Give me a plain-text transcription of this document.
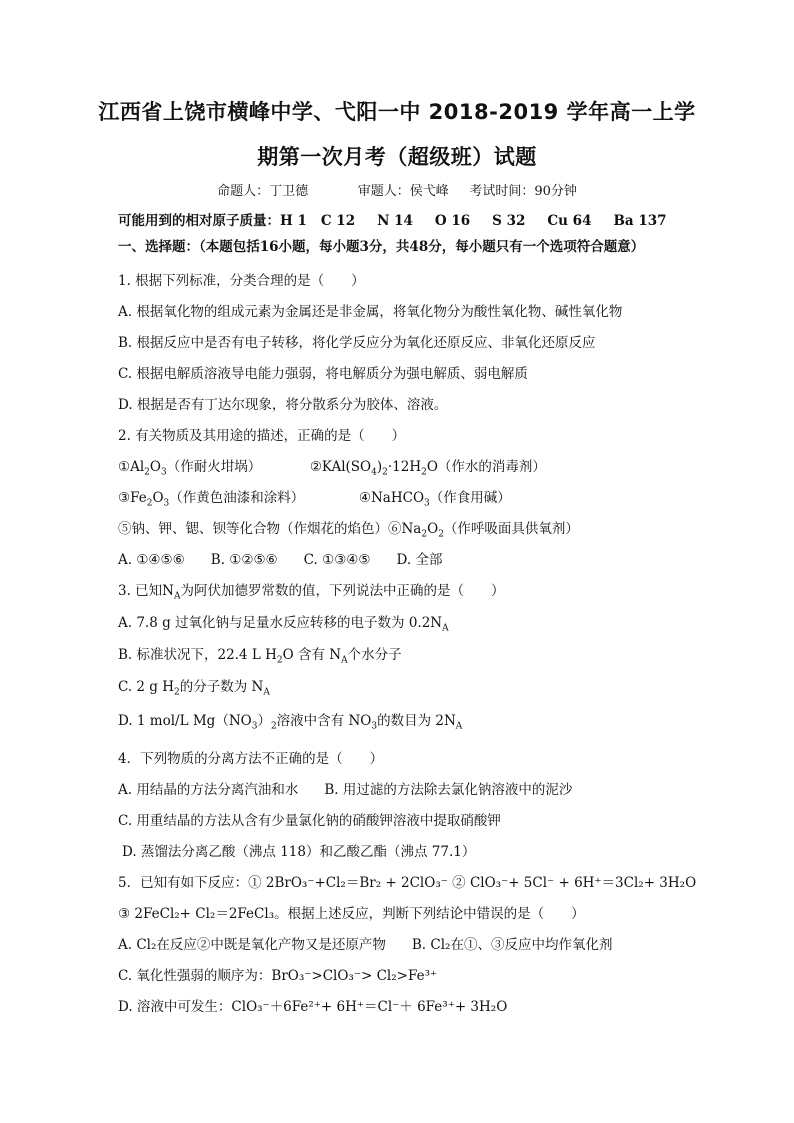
江西省上饶市横峰中学、弋阳一中 2018-2019 学年高一上学
期第一次月考（超级班）试题
命题人：丁卫德	审题人：侯弋峰 考试时间：90分钟
可能用到的相对原子质量：H 1 C 12 N 14 O 16 S 32 Cu 64 Ba 137
一、选择题：（本题包括16小题，每小题3分，共48分，每小题只有一个选项符合题意）
1. 根据下列标准，分类合理的是（　　）
A. 根据氧化物的组成元素为金属还是非金属，将氧化物分为酸性氧化物、碱性氧化物
B. 根据反应中是否有电子转移，将化学反应分为氧化还原反应、非氧化还原反应
C. 根据电解质溶液导电能力强弱，将电解质分为强电解质、弱电解质
D. 根据是否有丁达尔现象，将分散系分为胶体、溶液。
2. 有关物质及其用途的描述，正确的是（　　）
$①Al_2O_3$（作耐火坩埚）	$②KAl(SO_4)_2\cdot 12H_2O$（作水的消毒剂）
$③Fe_2O_3$（作黄色油漆和涂料）	④NaHCO$_3$（作食用碱）
⑤钠、钾、锶、钡等化合物（作烟花的焰色）$⑥Na_2O_2$（作呼吸面具供氧剂）
A. ①④⑤⑥ B. ①②⑤⑥ C. ①③④⑤ D. 全部
3. 已知$N_A$为阿伏加德罗常数的值，下列说法中正确的是（　　）
A. 7.8 g 过氧化钠与足量水反应转移的电子数为 $0.2N_A$
B. 标准状况下，22.4 L $H_2O$ 含有 $N_A$个水分子
C. 2 g $H_2$的分子数为 $N_A$
D. 1 mol/L $Mg(NO_3)_2$溶液中含有 $NO_3$的数目为 $2N_A$
4．下列物质的分离方法不正确的是（　　）
A. 用结晶的方法分离汽油和水 B. 用过滤的方法除去氯化钠溶液中的泥沙
C. 用重结晶的方法从含有少量氯化钠的硝酸钾溶液中提取硝酸钾
D. 蒸馏法分离乙酸（沸点 118）和乙酸乙酯（沸点 77.1）
5．已知有如下反应：① 2BrO₃⁻+Cl₂＝Br₂ + 2ClO₃⁻ ② ClO₃⁻+ 5Cl⁻ + 6H⁺＝3Cl₂+ 3H₂O
③ 2FeCl₂+ Cl₂＝2FeCl₃。根据上述反应，判断下列结论中错误的是（　　）
A. Cl₂在反应②中既是氧化产物又是还原产物 B. Cl₂在①、③反应中均作氧化剂
C. 氧化性强弱的顺序为：BrO₃⁻>ClO₃⁻> Cl₂>Fe³⁺
D. 溶液中可发生：ClO₃⁻＋6Fe²⁺+ 6H⁺＝Cl⁻＋ 6Fe³⁺+ 3H₂O
